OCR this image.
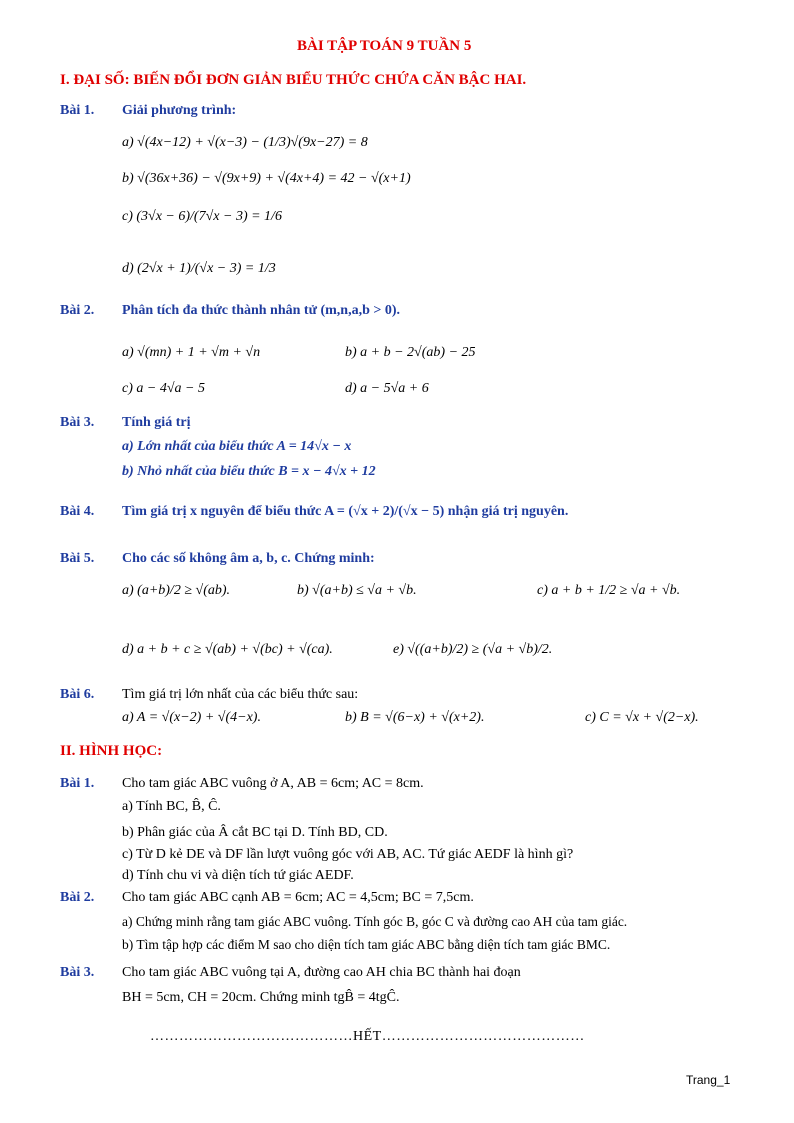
BÀI TẬP TOÁN 9 TUẦN 5
I. ĐẠI SỐ: BIẾN ĐỔI ĐƠN GIẢN BIỂU THỨC CHỨA CĂN BẬC HAI.
Bài 1. Giải phương trình:
a) √(4x−12) + √(x−3) − (1/3)√(9x−27) = 8
b) √(36x+36) − √(9x+9) + √(4x+4) = 42 − √(x+1)
c) (3√x − 6)/(7√x − 3) = 1/6
d) (2√x + 1)/(√x − 3) = 1/3
Bài 2. Phân tích đa thức thành nhân tử (m,n,a,b > 0).
a) √(mn) + 1 + √m + √n	b) a + b − 2√(ab) − 25
c) a − 4√a − 5	d) a − 5√a + 6
Bài 3. Tính giá trị
a) Lớn nhất của biểu thức A = 14√x − x
b) Nhỏ nhất của biểu thức B = x − 4√x + 12
Bài 4. Tìm giá trị x nguyên để biểu thức A = (√x + 2)/(√x − 5) nhận giá trị nguyên.
Bài 5. Cho các số không âm a, b, c. Chứng minh:
a) (a+b)/2 ≥ √(ab).	b) √(a+b) ≤ √a + √b.	c) a + b + 1/2 ≥ √a + √b.
d) a + b + c ≥ √(ab) + √(bc) + √(ca).	e) √((a+b)/2) ≥ (√a + √b)/2.
Bài 6. Tìm giá trị lớn nhất của các biểu thức sau:
a) A = √(x−2) + √(4−x).	b) B = √(6−x) + √(x+2).	c) C = √x + √(2−x).
II. HÌNH HỌC:
Bài 1. Cho tam giác ABC vuông ở A, AB = 6cm; AC = 8cm.
a) Tính BC, B̂, Ĉ.
b) Phân giác của Â cắt BC tại D. Tính BD, CD.
c) Từ D kẻ DE và DF lần lượt vuông góc với AB, AC. Tứ giác AEDF là hình gì?
d) Tính chu vi và diện tích tứ giác AEDF.
Bài 2. Cho tam giác ABC cạnh AB = 6cm; AC = 4,5cm; BC = 7,5cm.
a) Chứng minh rằng tam giác ABC vuông. Tính góc B, góc C và đường cao AH của tam giác.
b) Tìm tập hợp các điểm M sao cho diện tích tam giác ABC bằng diện tích tam giác BMC.
Bài 3. Cho tam giác ABC vuông tại A, đường cao AH chia BC thành hai đoạn
BH = 5cm, CH = 20cm. Chứng minh tgB̂ = 4tgĈ.
……………………………………HẾT……………………………………
Trang_1
